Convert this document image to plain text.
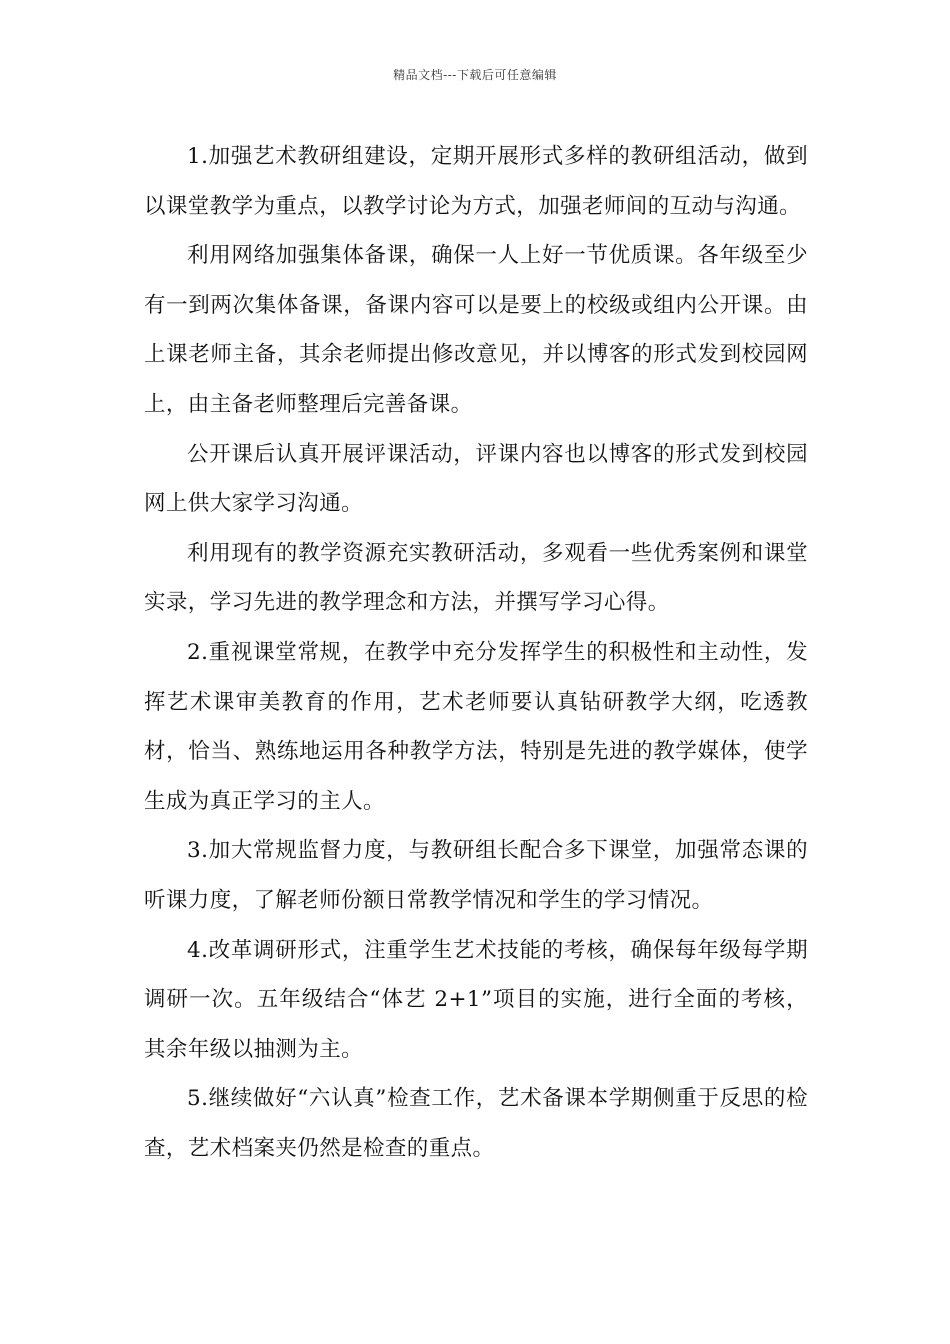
精品文档---下载后可任意编辑

1.加强艺术教研组建设，定期开展形式多样的教研组活动，做到以课堂教学为重点，以教学讨论为方式，加强老师间的互动与沟通。

利用网络加强集体备课，确保一人上好一节优质课。各年级至少有一到两次集体备课，备课内容可以是要上的校级或组内公开课。由上课老师主备，其余老师提出修改意见，并以博客的形式发到校园网上，由主备老师整理后完善备课。

公开课后认真开展评课活动，评课内容也以博客的形式发到校园网上供大家学习沟通。

利用现有的教学资源充实教研活动，多观看一些优秀案例和课堂实录，学习先进的教学理念和方法，并撰写学习心得。

2.重视课堂常规，在教学中充分发挥学生的积极性和主动性，发挥艺术课审美教育的作用，艺术老师要认真钻研教学大纲，吃透教材，恰当、熟练地运用各种教学方法，特别是先进的教学媒体，使学生成为真正学习的主人。

3.加大常规监督力度，与教研组长配合多下课堂，加强常态课的听课力度，了解老师份额日常教学情况和学生的学习情况。

4.改革调研形式，注重学生艺术技能的考核，确保每年级每学期调研一次。五年级结合“体艺 2+1”项目的实施，进行全面的考核，其余年级以抽测为主。

5.继续做好“六认真”检查工作，艺术备课本学期侧重于反思的检查，艺术档案夹仍然是检查的重点。
